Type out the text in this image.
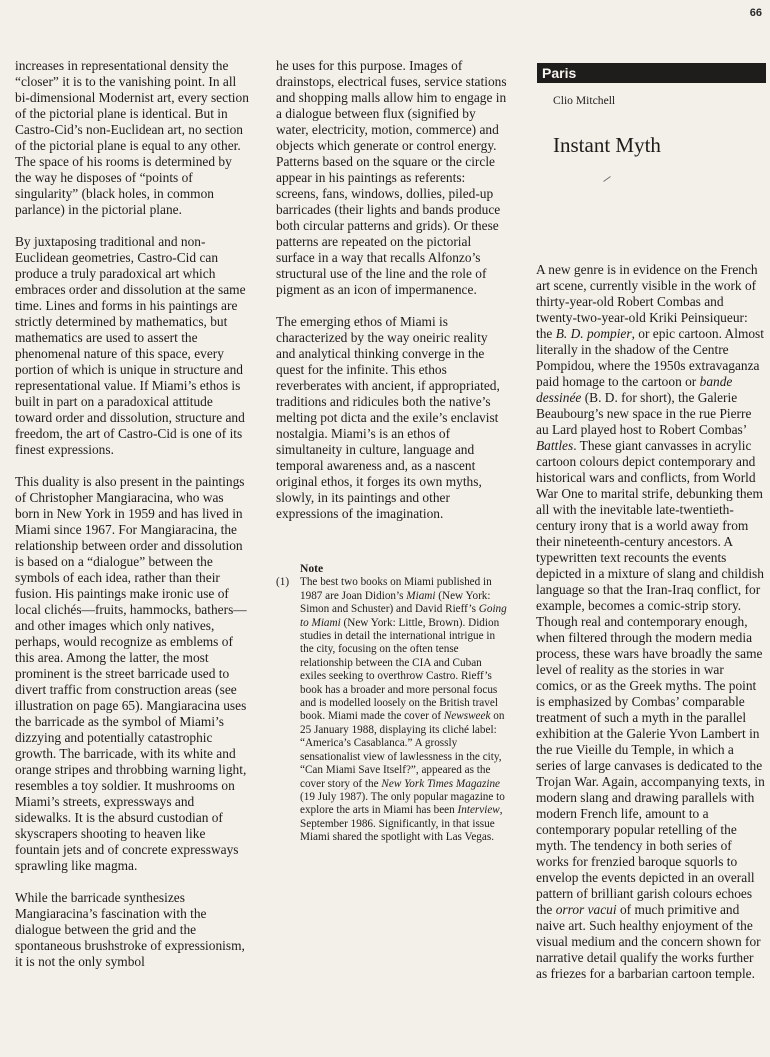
66

increases in representational density the “closer” it is to the vanishing point. In all bi-dimensional Modernist art, every section of the pictorial plane is identical. But in Castro-Cid’s non-Euclidean art, no section of the pictorial plane is equal to any other. The space of his rooms is determined by the way he disposes of “points of singularity” (black holes, in common parlance) in the pictorial plane.

By juxtaposing traditional and non-Euclidean geometries, Castro-Cid can produce a truly paradoxical art which embraces order and dissolution at the same time. Lines and forms in his paintings are strictly determined by mathematics, but mathematics are used to assert the phenomenal nature of this space, every portion of which is unique in structure and representational value. If Miami’s ethos is built in part on a paradoxical attitude toward order and dissolution, structure and freedom, the art of Castro-Cid is one of its finest expressions.

This duality is also present in the paintings of Christopher Mangiaracina, who was born in New York in 1959 and has lived in Miami since 1967. For Mangiaracina, the relationship between order and dissolution is based on a “dialogue” between the symbols of each idea, rather than their fusion. His paintings make ironic use of local clichés—fruits, hammocks, bathers—and other images which only natives, perhaps, would recognize as emblems of this area. Among the latter, the most prominent is the street barricade used to divert traffic from construction areas (see illustration on page 65). Mangiaracina uses the barricade as the symbol of Miami’s dizzying and potentially catastrophic growth. The barricade, with its white and orange stripes and throbbing warning light, resembles a toy soldier. It mushrooms on Miami’s streets, expressways and sidewalks. It is the absurd custodian of skyscrapers shooting to heaven like fountain jets and of concrete expressways sprawling like magma.

While the barricade synthesizes Mangiaracina’s fascination with the dialogue between the grid and the spontaneous brushstroke of expressionism, it is not the only symbol

he uses for this purpose. Images of drainstops, electrical fuses, service stations and shopping malls allow him to engage in a dialogue between flux (signified by water, electricity, motion, commerce) and objects which generate or control energy. Patterns based on the square or the circle appear in his paintings as referents: screens, fans, windows, dollies, piled-up barricades (their lights and bands produce both circular patterns and grids). Or these patterns are repeated on the pictorial surface in a way that recalls Alfonzo’s structural use of the line and the role of pigment as an icon of impermanence.

The emerging ethos of Miami is characterized by the way oneiric reality and analytical thinking converge in the quest for the infinite. This ethos reverberates with ancient, if appropriated, traditions and ridicules both the native’s melting pot dicta and the exile’s enclavist nostalgia. Miami’s is an ethos of simultaneity in culture, language and temporal awareness and, as a nascent original ethos, it forges its own myths, slowly, in its paintings and other expressions of the imagination.

Note
(1) The best two books on Miami published in 1987 are Joan Didion’s Miami (New York: Simon and Schuster) and David Rieff’s Going to Miami (New York: Little, Brown). Didion studies in detail the international intrigue in the city, focusing on the often tense relationship between the CIA and Cuban exiles seeking to overthrow Castro. Rieff’s book has a broader and more personal focus and is modelled loosely on the British travel book. Miami made the cover of Newsweek on 25 January 1988, displaying its cliché label: “America’s Casablanca.” A grossly sensationalist view of lawlessness in the city, “Can Miami Save Itself?”, appeared as the cover story of the New York Times Magazine (19 July 1987). The only popular magazine to explore the arts in Miami has been Interview, September 1986. Significantly, in that issue Miami shared the spotlight with Las Vegas.
Paris
Clio Mitchell
Instant Myth

A new genre is in evidence on the French art scene, currently visible in the work of thirty-year-old Robert Combas and twenty-two-year-old Kriki Peinsiqueur: the B. D. pompier, or epic cartoon. Almost literally in the shadow of the Centre Pompidou, where the 1950s extravaganza paid homage to the cartoon or bande dessinée (B. D. for short), the Galerie Beaubourg’s new space in the rue Pierre au Lard played host to Robert Combas’ Battles. These giant canvasses in acrylic cartoon colours depict contemporary and historical wars and conflicts, from World War One to marital strife, debunking them all with the inevitable late-twentieth-century irony that is a world away from their nineteenth-century ancestors. A typewritten text recounts the events depicted in a mixture of slang and childish language so that the Iran-Iraq conflict, for example, becomes a comic-strip story. Though real and contemporary enough, when filtered through the modern media process, these wars have broadly the same level of reality as the stories in war comics, or as the Greek myths. The point is emphasized by Combas’ comparable treatment of such a myth in the parallel exhibition at the Galerie Yvon Lambert in the rue Vieille du Temple, in which a series of large canvases is dedicated to the Trojan War. Again, accompanying texts, in modern slang and drawing parallels with modern French life, amount to a contemporary popular retelling of the myth. The tendency in both series of works for frenzied baroque squorls to envelop the events depicted in an overall pattern of brilliant garish colours echoes the orror vacui of much primitive and naive art. Such healthy enjoyment of the visual medium and the concern shown for narrative detail qualify the works further as friezes for a barbarian cartoon temple.
